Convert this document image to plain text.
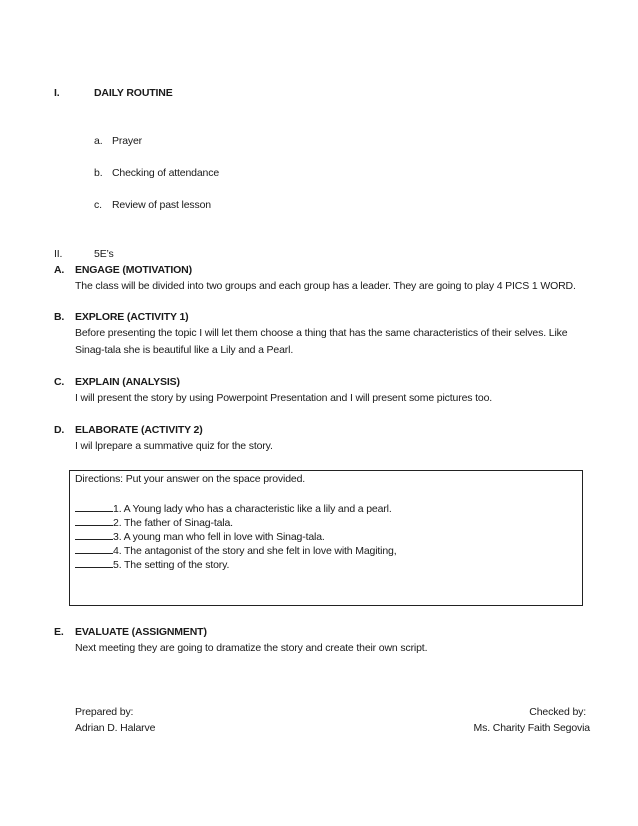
I.	DAILY ROUTINE
a. Prayer
b. Checking of attendance
c. Review of past lesson
II.	5E’s
A. ENGAGE (MOTIVATION)
The class will be divided into two groups and each group has a leader. They are going to play 4 PICS 1 WORD.
B. EXPLORE (ACTIVITY 1)
Before presenting the topic I will let them choose a thing that has the same characteristics of their selves. Like
Sinag-tala she is beautiful like a Lily and a Pearl.
C. EXPLAIN (ANALYSIS)
I will present the story by using Powerpoint Presentation and I will present some pictures too.
D. ELABORATE (ACTIVITY 2)
I wil lprepare a summative quiz for the story.
Directions: Put your answer on the space provided.
1. A Young lady who has a characteristic like a lily and a pearl.
2. The father of Sinag-tala.
3. A young man who fell in love with Sinag-tala.
4. The antagonist of the story and she felt in love with Magiting,
5. The setting of the story.
E. EVALUATE (ASSIGNMENT)
Next meeting they are going to dramatize the story and create their own script.
Prepared by:
Adrian D. Halarve
Checked by:
Ms. Charity Faith Segovia
